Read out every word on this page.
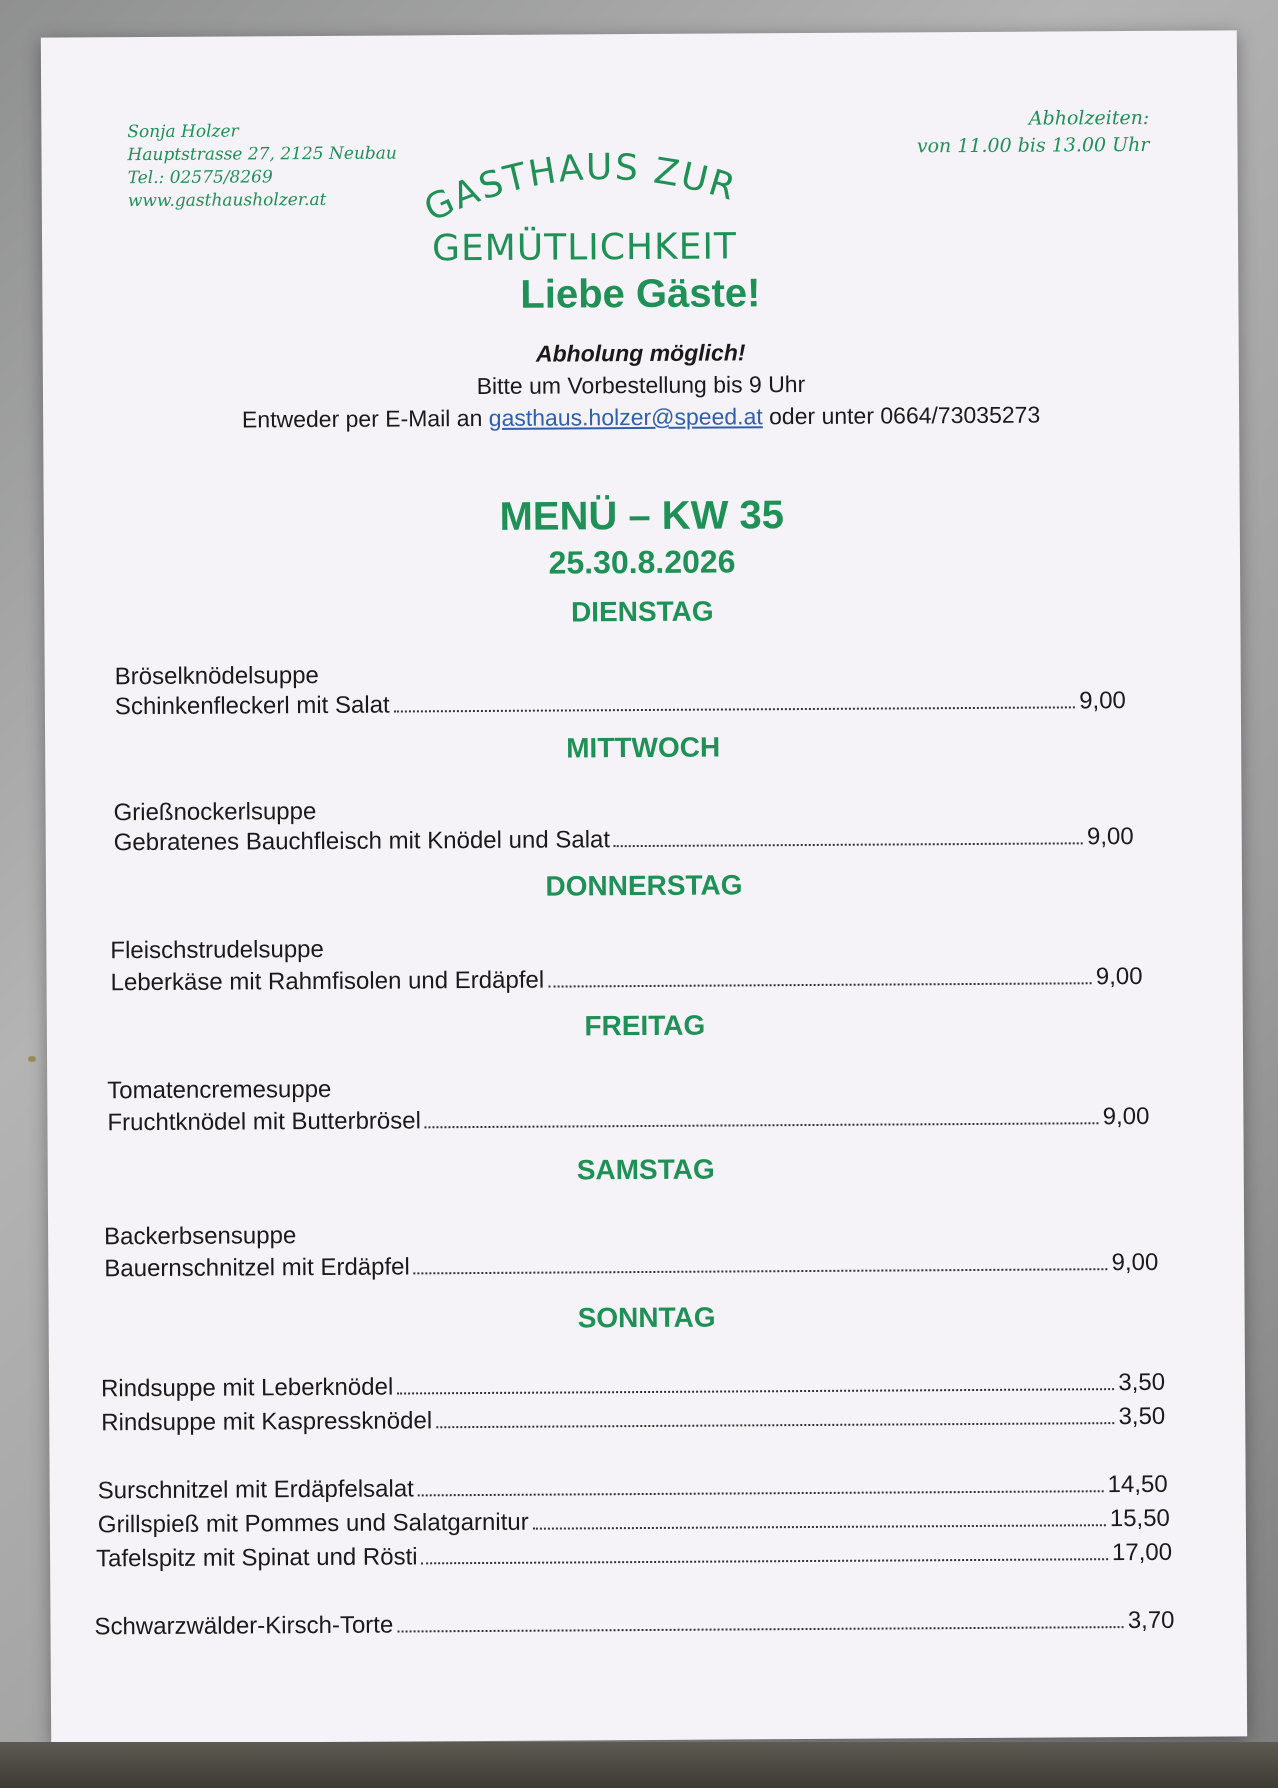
Sonja Holzer
Hauptstrasse 27, 2125 Neubau
Tel.: 02575/8269
www.gasthausholzer.at
Abholzeiten:
von 11.00 bis 13.00 Uhr
GASTHAUS ZUR
GEMÜTLICHKEIT
Liebe Gäste!
Abholung möglich!
Bitte um Vorbestellung bis 9 Uhr
Entweder per E-Mail an gasthaus.holzer@speed.at oder unter 0664/73035273
MENÜ – KW 35
25.30.8.2026
DIENSTAG
Bröselknödelsuppe
Schinkenfleckerl mit Salat	9,00
MITTWOCH
Grießnockerlsuppe
Gebratenes Bauchfleisch mit Knödel und Salat	9,00
DONNERSTAG
Fleischstrudelsuppe
Leberkäse mit Rahmfisolen und Erdäpfel	9,00
FREITAG
Tomatencremesuppe
Fruchtknödel mit Butterbrösel	9,00
SAMSTAG
Backerbsensuppe
Bauernschnitzel mit Erdäpfel	9,00
SONNTAG
Rindsuppe mit Leberknödel	3,50
Rindsuppe mit Kaspressknödel	3,50
Surschnitzel mit Erdäpfelsalat	14,50
Grillspieß mit Pommes und Salatgarnitur	15,50
Tafelspitz mit Spinat und Rösti	17,00
Schwarzwälder-Kirsch-Torte	3,70
